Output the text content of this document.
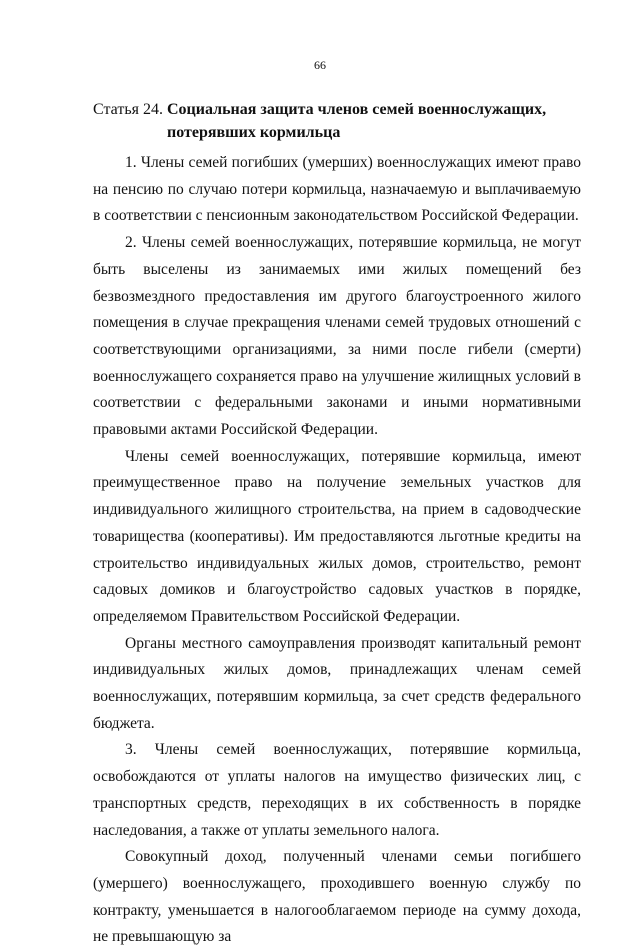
66
Статья 24. Социальная защита членов семей военнослужащих,
потерявших кормильца

1. Члены семей погибших (умерших) военнослужащих имеют право на пенсию по случаю потери кормильца, назначаемую и выплачиваемую в соответствии с пенсионным законодательством Российской Федерации.

2. Члены семей военнослужащих, потерявшие кормильца, не могут быть выселены из занимаемых ими жилых помещений без безвозмездного предоставления им другого благоустроенного жилого помещения в случае прекращения членами семей трудовых отношений с соответствующими организациями, за ними после гибели (смерти) военнослужащего сохраняется право на улучшение жилищных условий в соответствии с федеральными законами и иными нормативными правовыми актами Российской Федерации.

Члены семей военнослужащих, потерявшие кормильца, имеют преимущественное право на получение земельных участков для индивидуального жилищного строительства, на прием в садоводческие товарищества (кооперативы). Им предоставляются льготные кредиты на строительство индивидуальных жилых домов, строительство, ремонт садовых домиков и благоустройство садовых участков в порядке, определяемом Правительством Российской Федерации.

Органы местного самоуправления производят капитальный ремонт индивидуальных жилых домов, принадлежащих членам семей военнослужащих, потерявшим кормильца, за счет средств федерального бюджета.

3. Члены семей военнослужащих, потерявшие кормильца, освобождаются от уплаты налогов на имущество физических лиц, с транспортных средств, переходящих в их собственность в порядке наследования, а также от уплаты земельного налога.

Совокупный доход, полученный членами семьи погибшего (умершего) военнослужащего, проходившего военную службу по контракту, уменьшается в налогооблагаемом периоде на сумму дохода, не превышающую за
